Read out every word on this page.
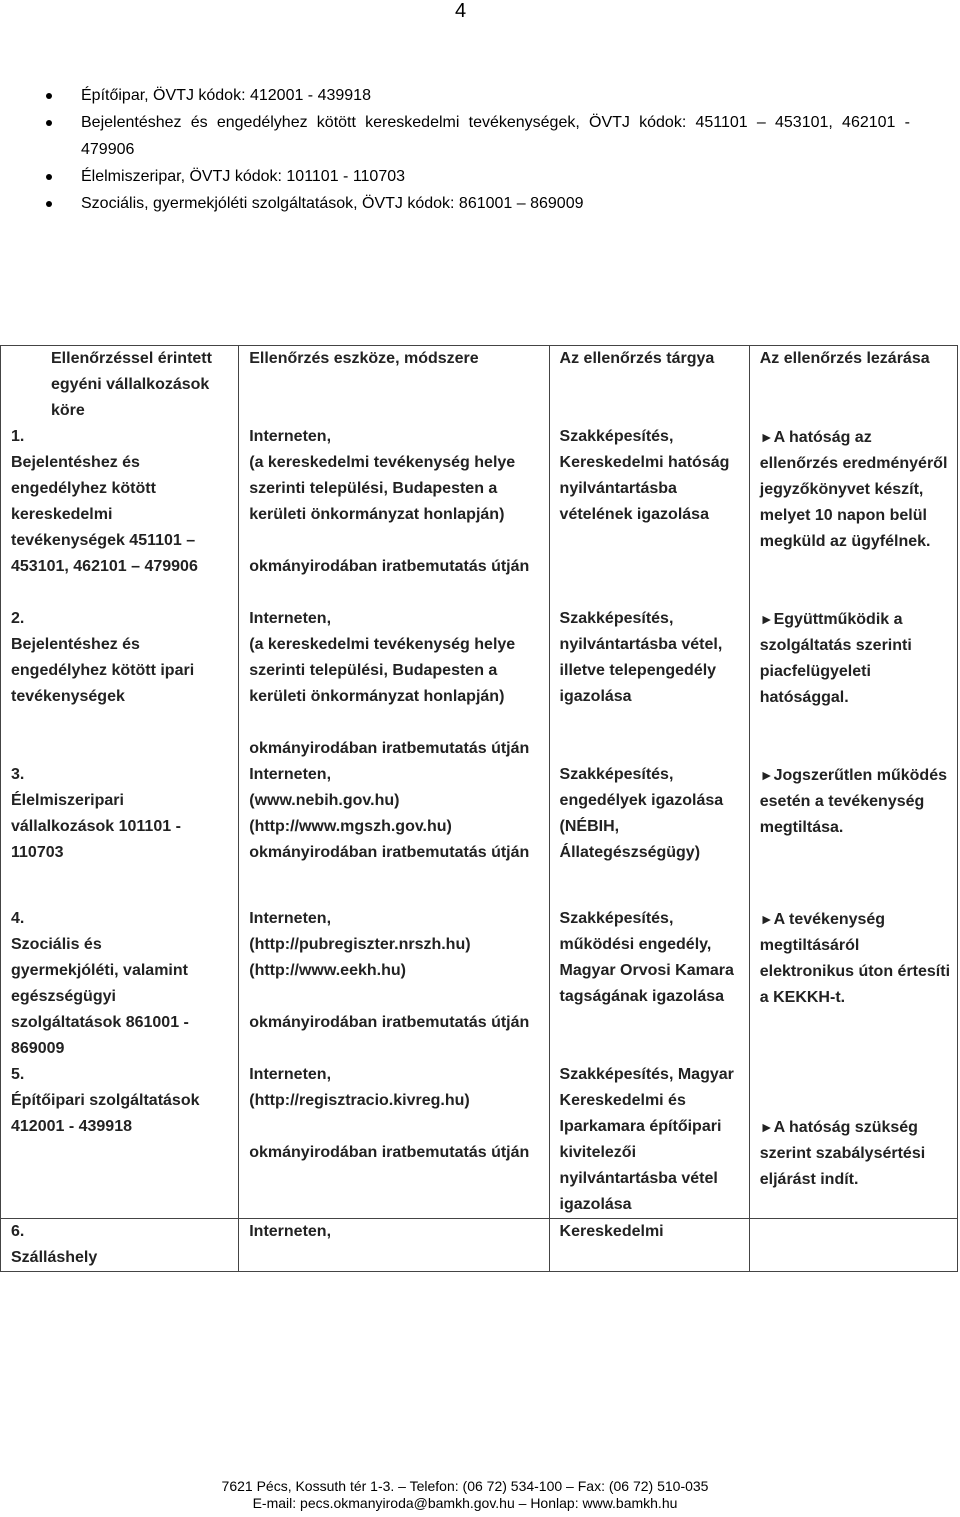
4
Építőipar, ÖVTJ kódok: 412001 - 439918
Bejelentéshez és engedélyhez kötött kereskedelmi tevékenységek, ÖVTJ kódok: 451101 – 453101, 462101 - 479906
Élelmiszeripar, ÖVTJ kódok: 101101 - 110703
Szociális, gyermekjóléti szolgáltatások, ÖVTJ kódok: 861001 – 869009
Ellenőrzéssel érintett egyéni vállalkozások köre	Ellenőrzés eszköze, módszere	Az ellenőrzés tárgya	Az ellenőrzés lezárása

1.Bejelentéshez és engedélyhez kötött kereskedelmi tevékenységek 451101 – 453101, 462101 – 479906	Interneten,
(a kereskedelmi tevékenység helye szerinti települési, Budapesten a kerületi önkormányzat honlapján)
okmányirodában iratbemutatás útján	Szakképesítés, Kereskedelmi hatóság nyilvántartásba vételének igazolása	►A hatóság az ellenőrzés eredményéről jegyzőkönyvet készít, melyet 10 napon belül megküld az ügyfélnek.

2.Bejelentéshez és engedélyhez kötött ipari tevékenységek	Interneten,
(a kereskedelmi tevékenység helye szerinti települési, Budapesten a kerületi önkormányzat honlapján)
okmányirodában iratbemutatás útján	Szakképesítés, nyilvántartásba vétel, illetve telepengedély igazolása	►Együttműködik a szolgáltatás szerinti piacfelügyeleti hatósággal.

3.Élelmiszeripari vállalkozások 101101 - 110703	Interneten,
(www.nebih.gov.hu) (http://www.mgszh.gov.hu)
okmányirodában iratbemutatás útján	Szakképesítés, engedélyek igazolása (NÉBIH, Állategészségügy)	►Jogszerűtlen működés esetén a tevékenység megtiltása.

4.Szociális és gyermekjóléti, valamint egészségügyi szolgáltatások 861001 - 869009	Interneten,
(http://pubregiszter.nrszh.hu) (http://www.eekh.hu)
okmányirodában iratbemutatás útján	Szakképesítés, működési engedély, Magyar Orvosi Kamara tagságának igazolása	►A tevékenység megtiltásáról elektronikus úton értesíti a KEKKH-t.

5.Építőipari szolgáltatások 412001 - 439918	Interneten,
(http://regisztracio.kivreg.hu)
okmányirodában iratbemutatás útján	Szakképesítés, Magyar Kereskedelmi és Iparkamara építőipari kivitelezői nyilvántartásba vétel igazolása	►A hatóság szükség szerint szabálysértési eljárást indít.

6.Szálláshely	Interneten,	Kereskedelmi	

7621 Pécs, Kossuth tér 1-3. – Telefon: (06 72) 534-100 – Fax: (06 72) 510-035
E-mail: pecs.okmanyiroda@bamkh.gov.hu – Honlap: www.bamkh.hu
